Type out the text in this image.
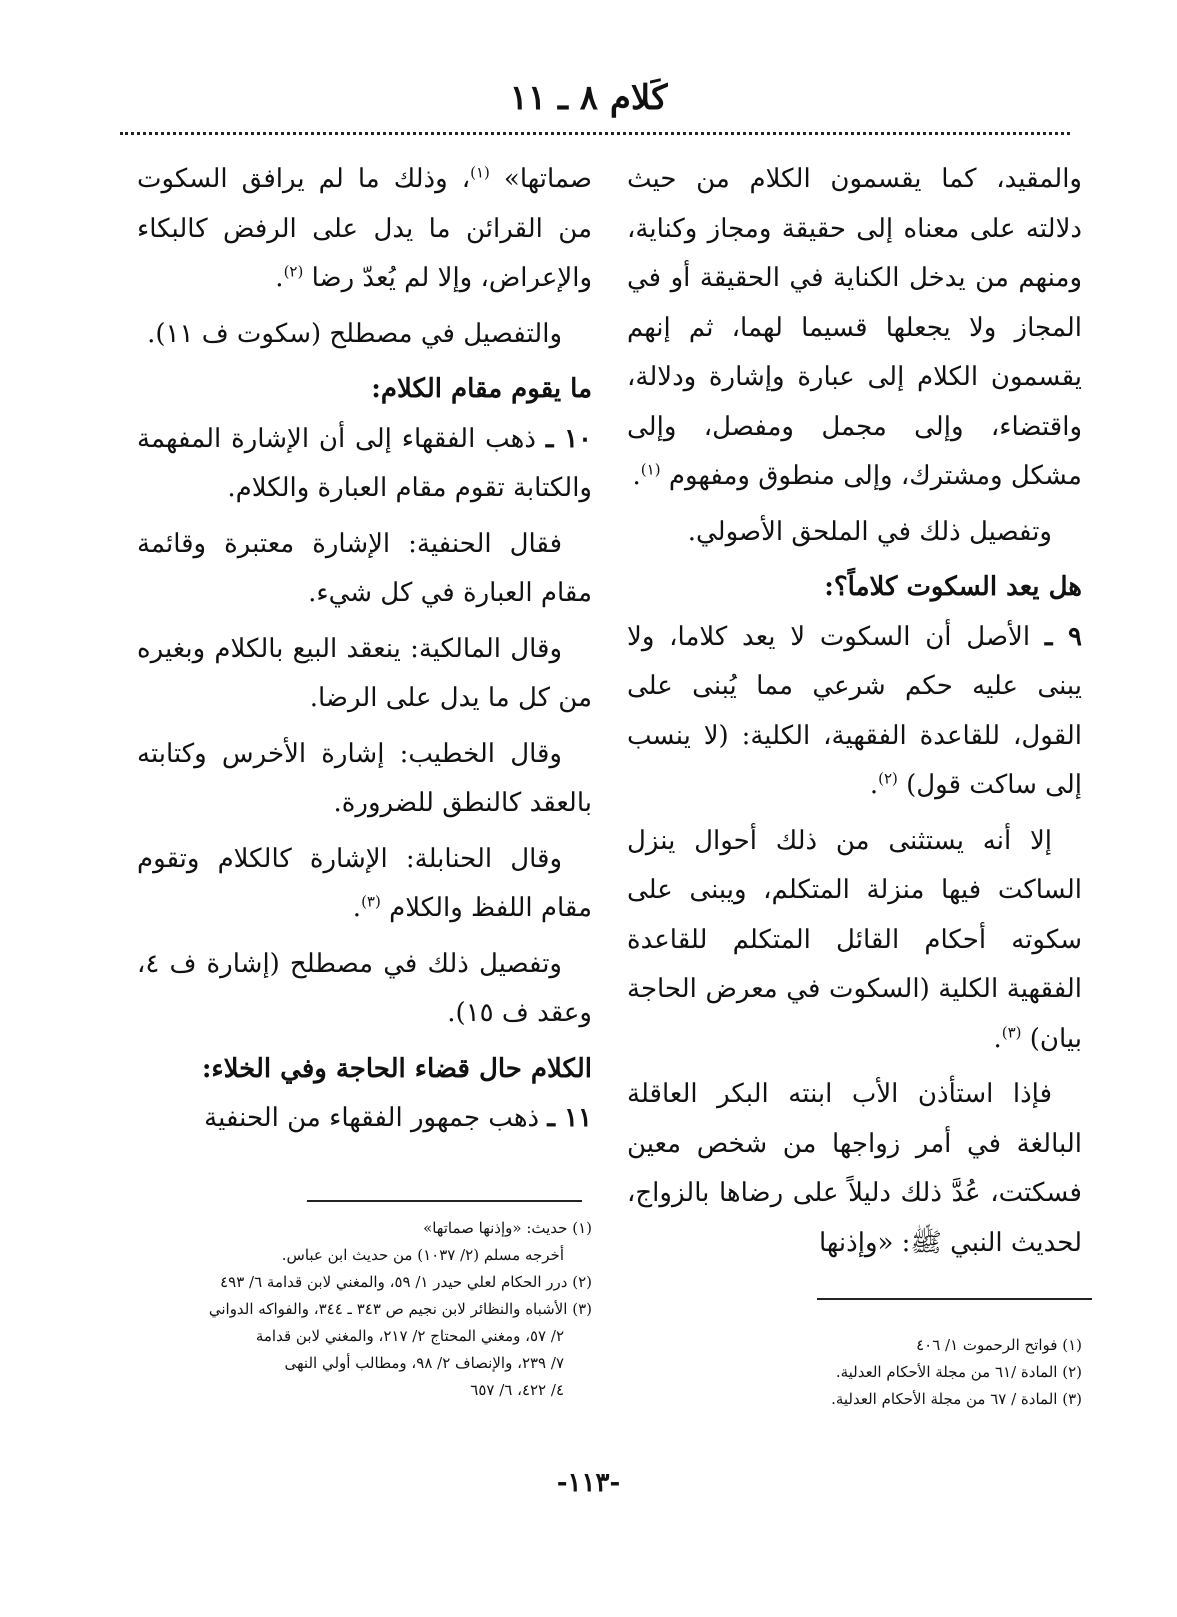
كَلام ٨ ـ ١١

والمقيد، كما يقسمون الكلام من حيث دلالته على معناه إلى حقيقة ومجاز وكناية، ومنهم من يدخل الكناية في الحقيقة أو في المجاز ولا يجعلها قسيما لهما، ثم إنهم يقسمون الكلام إلى عبارة وإشارة ودلالة، واقتضاء، وإلى مجمل ومفصل، وإلى مشكل ومشترك، وإلى منطوق ومفهوم $^{(١)}$.

وتفصيل ذلك في الملحق الأصولي.

هل يعد السكوت كلاماً؟:

٩ ـ الأصل أن السكوت لا يعد كلاما، ولا يبنى عليه حكم شرعي مما يُبنى على القول، للقاعدة الفقهية، الكلية: (لا ينسب إلى ساكت قول) $^{(٢)}$.

إلا أنه يستثنى من ذلك أحوال ينزل الساكت فيها منزلة المتكلم، ويبنى على سكوته أحكام القائل المتكلم للقاعدة الفقهية الكلية (السكوت في معرض الحاجة بيان) $^{(٣)}$.

فإذا استأذن الأب ابنته البكر العاقلة البالغة في أمر زواجها من شخص معين فسكتت، عُدَّ ذلك دليلاً على رضاها بالزواج، لحديث النبي ﷺ: «وإذنها

صماتها» $^{(١)}$، وذلك ما لم يرافق السكوت من القرائن ما يدل على الرفض كالبكاء والإعراض، وإلا لم يُعدّ رضا $^{(٢)}$.

والتفصيل في مصطلح (سكوت ف ١١).

ما يقوم مقام الكلام:

١٠ ـ ذهب الفقهاء إلى أن الإشارة المفهمة والكتابة تقوم مقام العبارة والكلام.

فقال الحنفية: الإشارة معتبرة وقائمة مقام العبارة في كل شيء.

وقال المالكية: ينعقد البيع بالكلام وبغيره من كل ما يدل على الرضا.

وقال الخطيب: إشارة الأخرس وكتابته بالعقد كالنطق للضرورة.

وقال الحنابلة: الإشارة كالكلام وتقوم مقام اللفظ والكلام $^{(٣)}$.

وتفصيل ذلك في مصطلح (إشارة ف ٤، وعقد ف ١٥).

الكلام حال قضاء الحاجة وفي الخلاء:

١١ ـ ذهب جمهور الفقهاء من الحنفية

(١) فواتح الرحموت ١/ ٤٠٦

(٢) المادة /٦١ من مجلة الأحكام العدلية.

(٣) المادة / ٦٧ من مجلة الأحكام العدلية.

(١) حديث: «وإذنها صماتها»

أخرجه مسلم (٢/ ١٠٣٧) من حديث ابن عباس.

(٢) درر الحكام لعلي حيدر ١/ ٥٩، والمغني لابن قدامة ٦/ ٤٩٣

(٣) الأشباه والنظائر لابن نجيم ص ٣٤٣ ـ ٣٤٤، والفواكه الدواني

٢/ ٥٧، ومغني المحتاج ٢/ ٢١٧، والمغني لابن قدامة

٧/ ٢٣٩، والإنصاف ٢/ ٩٨، ومطالب أولي النهى

٤/ ٤٢٢، ٦/ ٦٥٧

-١١٣-
